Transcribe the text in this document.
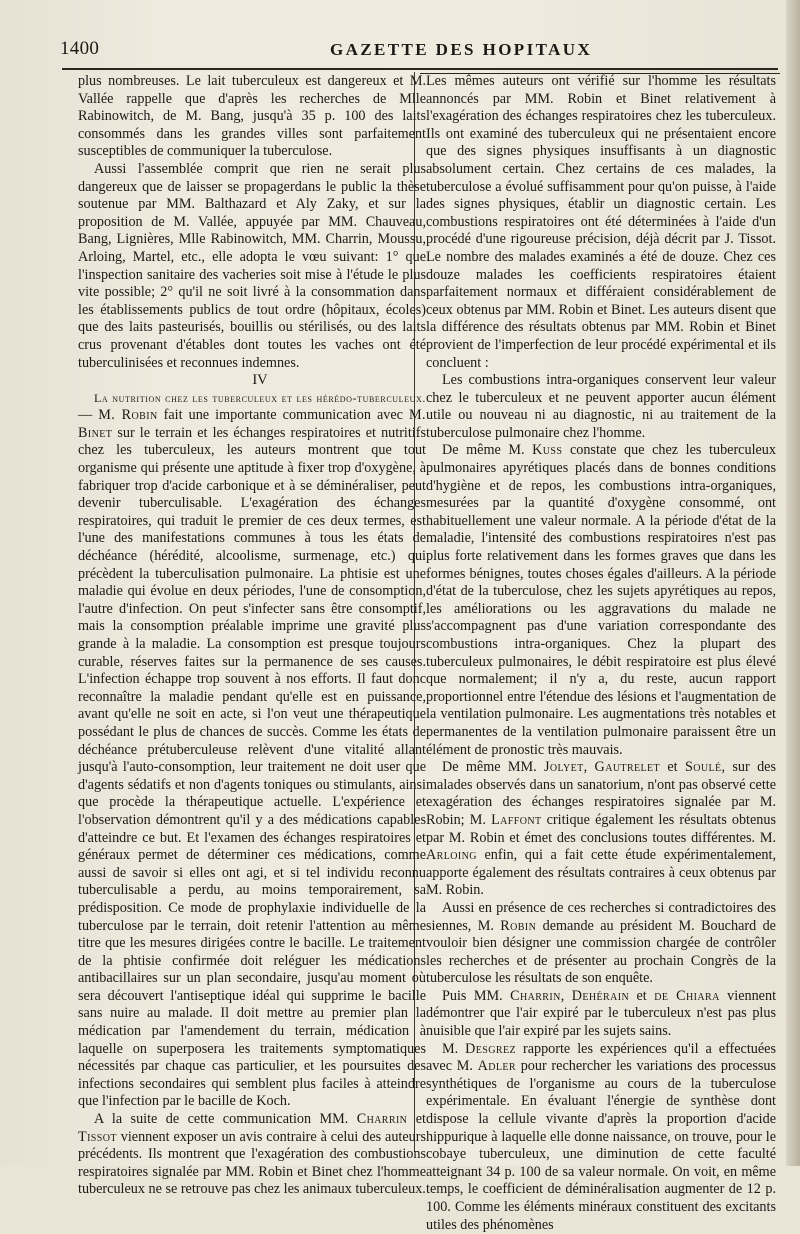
1400	GAZETTE DES HOPITAUX

plus nombreuses. Le lait tuberculeux est dangereux et M. Vallée rappelle que d'après les recherches de Mlle Rabinowitch, de M. Bang, jusqu'à 35 p. 100 des laits consommés dans les grandes villes sont parfaitement susceptibles de communiquer la tuberculose.

Aussi l'assemblée comprit que rien ne serait plus dangereux que de laisser se propagerdans le public la thèse soutenue par MM. Balthazard et Aly Zaky, et sur la proposition de M. Vallée, appuyée par MM. Chauveau, Bang, Lignières, Mlle Rabinowitch, MM. Charrin, Moussu, Arloing, Martel, etc., elle adopta le vœu suivant: 1° que l'inspection sanitaire des vacheries soit mise à l'étude le plus vite possible; 2° qu'il ne soit livré à la consommation dans les établissements publics de tout ordre (hôpitaux, écoles) que des laits pasteurisés, bouillis ou stérilisés, ou des laits crus provenant d'étables dont toutes les vaches ont été tuberculinisées et reconnues indemnes.

IV

La nutrition chez les tuberculeux et les hérédo-tuberculeux. — M. Robin fait une importante communication avec M. Binet sur le terrain et les échanges respiratoires et nutritifs chez les tuberculeux, les auteurs montrent que tout organisme qui présente une aptitude à fixer trop d'oxygène, à fabriquer trop d'acide carbonique et à se déminéraliser, peut devenir tuberculisable. L'exagération des échanges respiratoires, qui traduit le premier de ces deux termes, est l'une des manifestations communes à tous les états de déchéance (hérédité, alcoolisme, surmenage, etc.) qui précèdent la tuberculisation pulmonaire. La phtisie est une maladie qui évolue en deux périodes, l'une de consomption, l'autre d'infection. On peut s'infecter sans être consomptif, mais la consomption préalable imprime une gravité plus grande à la maladie. La consomption est presque toujours curable, réserves faites sur la permanence de ses causes. L'infection échappe trop souvent à nos efforts. Il faut donc reconnaître la maladie pendant qu'elle est en puissance, avant qu'elle ne soit en acte, si l'on veut une thérapeutique possédant le plus de chances de succès. Comme les états de déchéance prétuberculeuse relèvent d'une vitalité allant jusqu'à l'auto-consomption, leur traitement ne doit user que d'agents sédatifs et non d'agents toniques ou stimulants, ainsi que procède la thérapeutique actuelle. L'expérience et l'observation démontrent qu'il y a des médications capables d'atteindre ce but. Et l'examen des échanges respiratoires et généraux permet de déterminer ces médications, comme aussi de savoir si elles ont agi, et si tel individu reconnu tuberculisable a perdu, au moins temporairement, sa prédisposition. Ce mode de prophylaxie individuelle de la tuberculose par le terrain, doit retenir l'attention au même titre que les mesures dirigées contre le bacille. Le traitement de la phtisie confirmée doit reléguer les médications antibacillaires sur un plan secondaire, jusqu'au moment où sera découvert l'antiseptique idéal qui supprime le bacille sans nuire au malade. Il doit mettre au premier plan la médication par l'amendement du terrain, médication à laquelle on superposera les traitements symptomatiques nécessités par chaque cas particulier, et les poursuites des infections secondaires qui semblent plus faciles à atteindre que l'infection par le bacille de Koch.

A la suite de cette communication MM. Charrin et Tissot viennent exposer un avis contraire à celui des auteurs précédents. Ils montrent que l'exagération des combustions respiratoires signalée par MM. Robin et Binet chez l'homme tuberculeux ne se retrouve pas chez les animaux tuberculeux.

Les mêmes auteurs ont vérifié sur l'homme les résultats annoncés par MM. Robin et Binet relativement à l'exagération des échanges respiratoires chez les tuberculeux. Ils ont examiné des tuberculeux qui ne présentaient encore que des signes physiques insuffisants à un diagnostic absolument certain. Chez certains de ces malades, la tuberculose a évolué suffisamment pour qu'on puisse, à l'aide des signes physiques, établir un diagnostic certain. Les combustions respiratoires ont été déterminées à l'aide d'un procédé d'une rigoureuse précision, déjà décrit par J. Tissot. Le nombre des malades examinés a été de douze. Chez ces douze malades les coefficients respiratoires étaient parfaitement normaux et différaient considérablement de ceux obtenus par MM. Robin et Binet. Les auteurs disent que la différence des résultats obtenus par MM. Robin et Binet provient de l'imperfection de leur procédé expérimental et ils concluent :

Les combustions intra-organiques conservent leur valeur chez le tuberculeux et ne peuvent apporter aucun élément utile ou nouveau ni au diagnostic, ni au traitement de la tuberculose pulmonaire chez l'homme.

De même M. Kuss constate que chez les tuberculeux pulmonaires apyrétiques placés dans de bonnes conditions d'hygiène et de repos, les combustions intra-organiques, mesurées par la quantité d'oxygène consommé, ont habituellement une valeur normale. A la période d'état de la maladie, l'intensité des combustions respiratoires n'est pas plus forte relativement dans les formes graves que dans les formes bénignes, toutes choses égales d'ailleurs. A la période d'état de la tuberculose, chez les sujets apyrétiques au repos, les améliorations ou les aggravations du malade ne s'accompagnent pas d'une variation correspondante des combustions intra-organiques. Chez la plupart des tuberculeux pulmonaires, le débit respiratoire est plus élevé que normalement; il n'y a, du reste, aucun rapport proportionnel entre l'étendue des lésions et l'augmentation de la ventilation pulmonaire. Les augmentations très notables et permanentes de la ventilation pulmonaire paraissent être un élément de pronostic très mauvais.

De même MM. Jolyet, Gautrelet et Soulé, sur des malades observés dans un sanatorium, n'ont pas observé cette exagération des échanges respiratoires signalée par M. Robin; M. Laffont critique également les résultats obtenus par M. Robin et émet des conclusions toutes différentes. M. Arloing enfin, qui a fait cette étude expérimentalement, apporte également des résultats contraires à ceux obtenus par M. Robin.

Aussi en présence de ces recherches si contradictoires des siennes, M. Robin demande au président M. Bouchard de vouloir bien désigner une commission chargée de contrôler les recherches et de présenter au prochain Congrès de la tuberculose les résultats de son enquête.

Puis MM. Charrin, Dehérain et de Chiara viennent démontrer que l'air expiré par le tuberculeux n'est pas plus nuisible que l'air expiré par les sujets sains.

M. Desgrez rapporte les expériences qu'il a effectuées avec M. Adler pour rechercher les variations des processus synthétiques de l'organisme au cours de la tuberculose expérimentale. En évaluant l'énergie de synthèse dont dispose la cellule vivante d'après la proportion d'acide hippurique à laquelle elle donne naissance, on trouve, pour le cobaye tuberculeux, une diminution de cette faculté atteignant 34 p. 100 de sa valeur normale. On voit, en même temps, le coefficient de déminéralisation augmenter de 12 p. 100. Comme les éléments minéraux constituent des excitants utiles des phénomènes
